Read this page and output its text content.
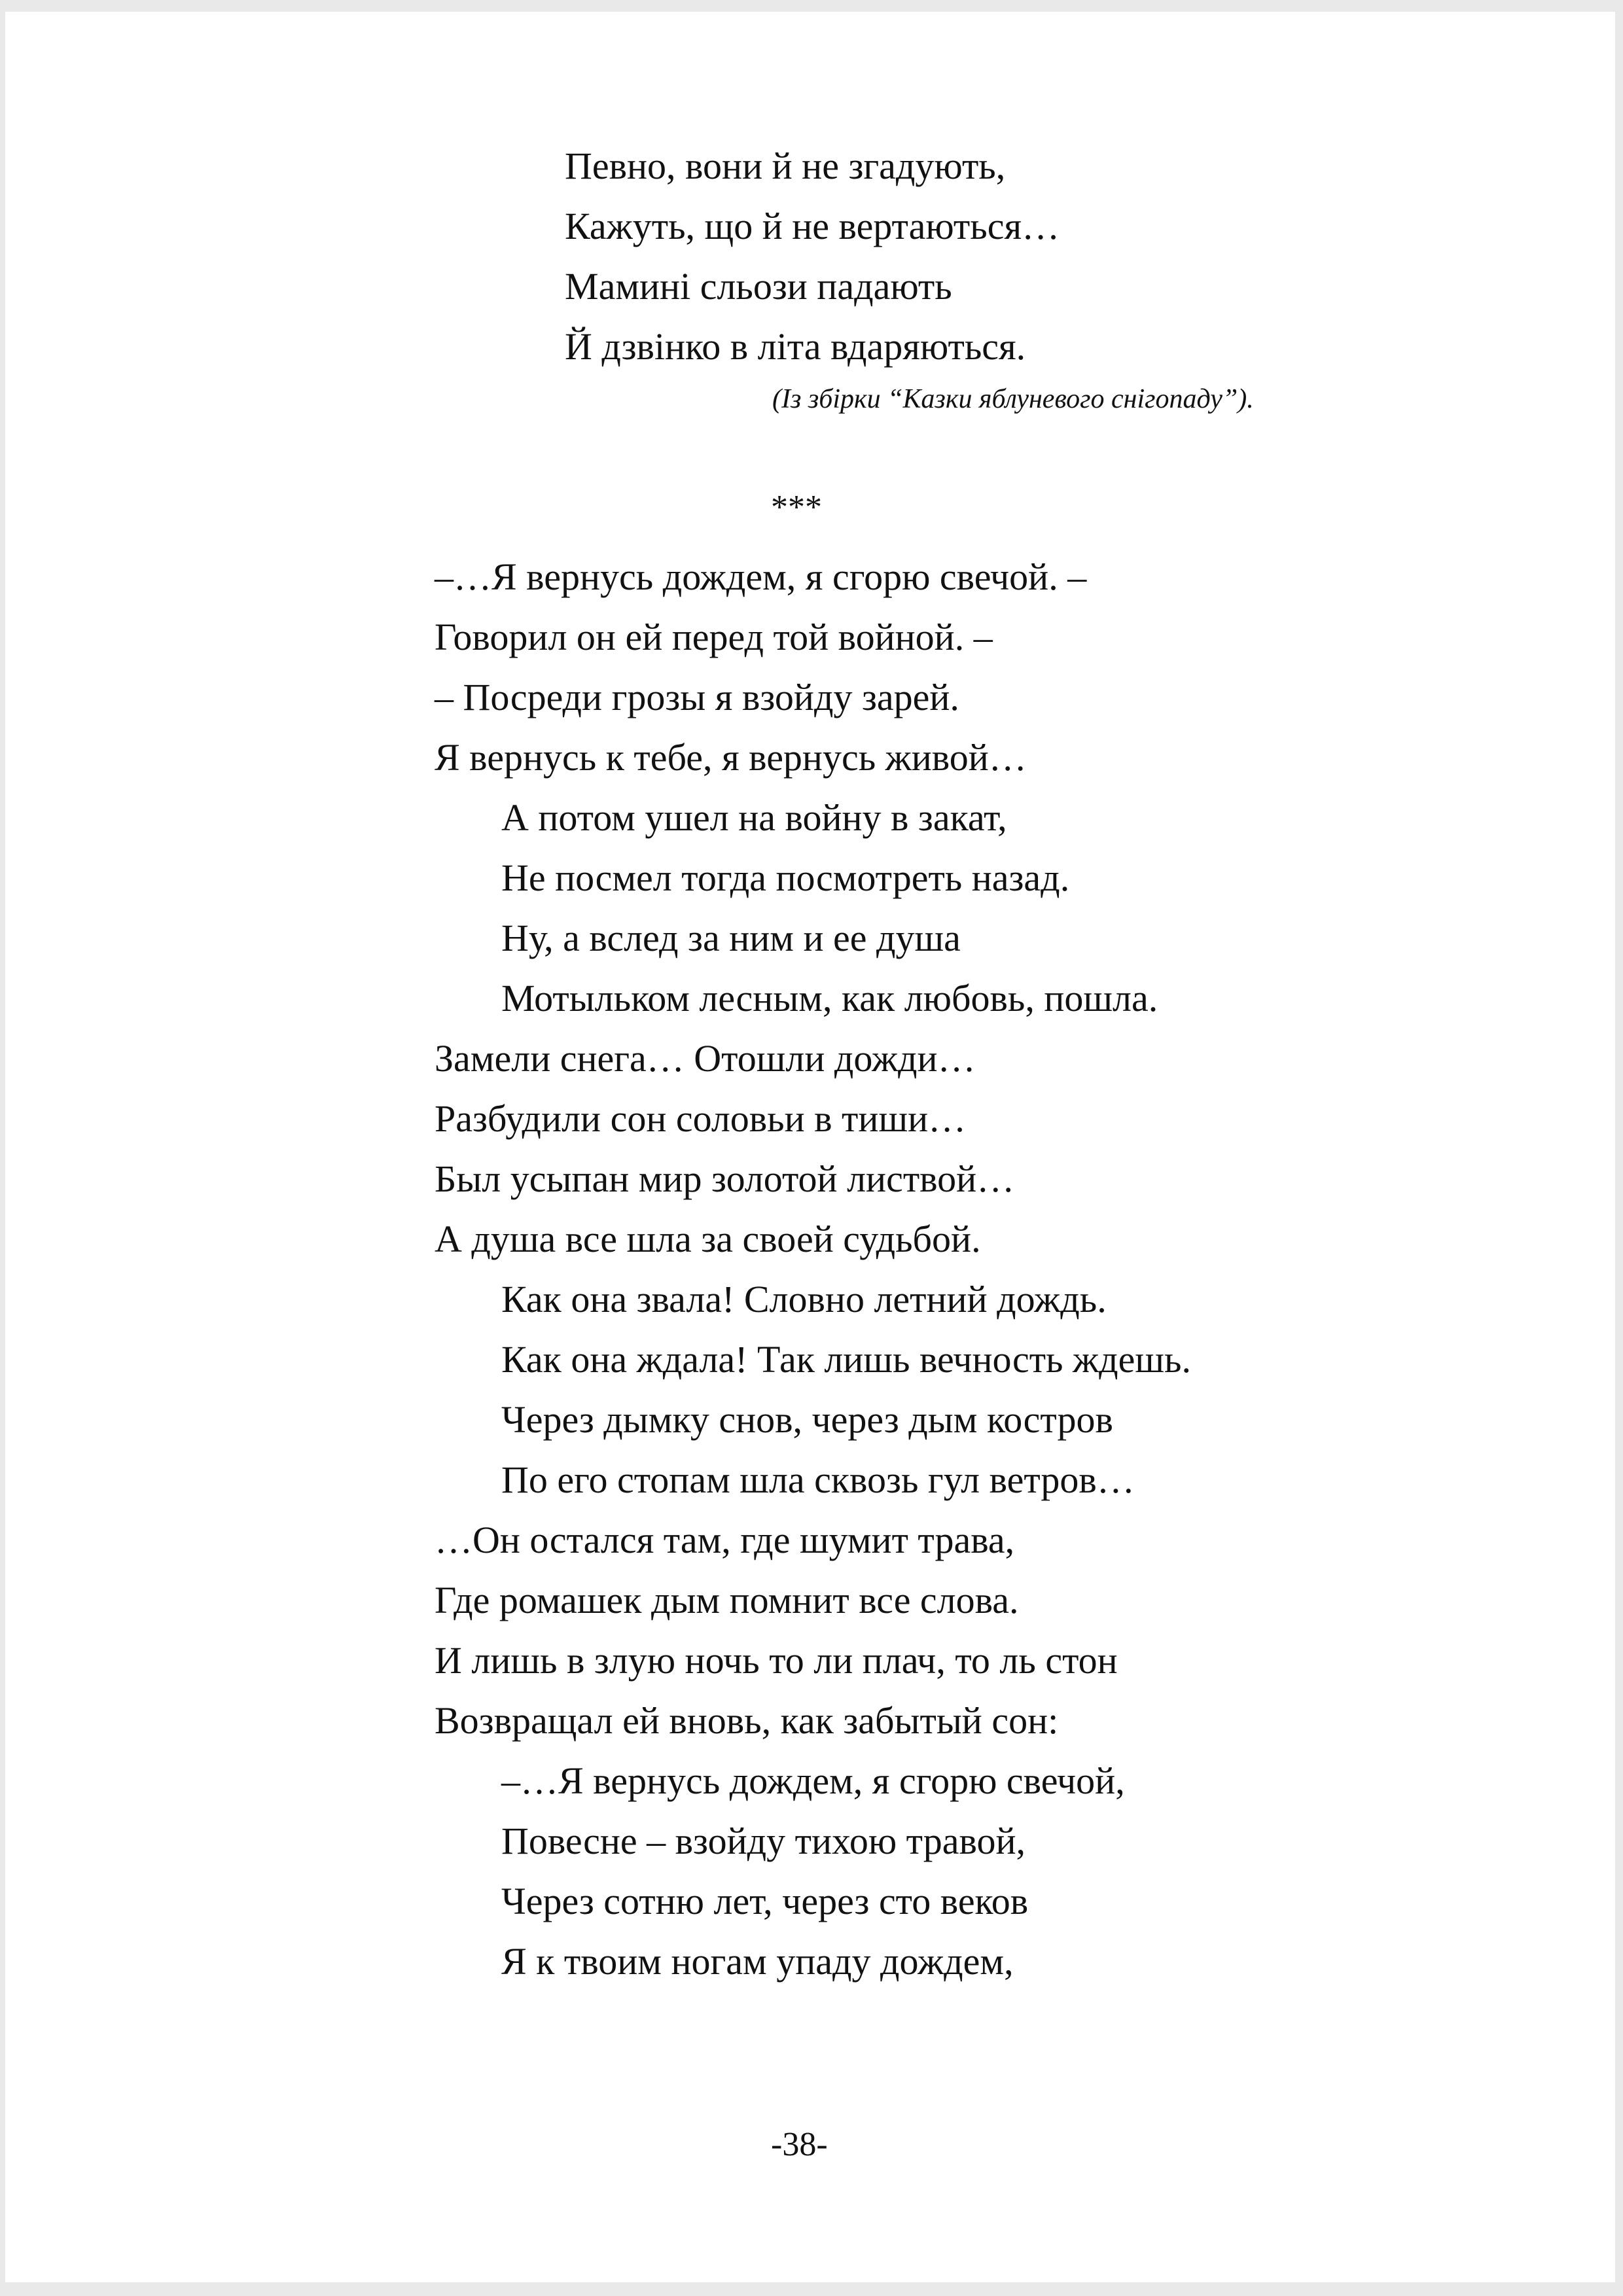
Певно, вони й не згадують,
Кажуть, що й не вертаються…
Мамині сльози падають
Й дзвінко в літа вдаряються.
(Із збірки “Казки яблуневого снігопаду”).
***
–…Я вернусь дождем, я сгорю свечой. –
Говорил он ей перед той войной. –
– Посреди грозы я взойду зарей.
Я вернусь к тебе, я вернусь живой…
А потом ушел на войну в закат,
Не посмел тогда посмотреть назад.
Ну, а вслед за ним и ее душа
Мотыльком лесным, как любовь, пошла.
Замели снега… Отошли дожди…
Разбудили сон соловьи в тиши…
Был усыпан мир золотой листвой…
А душа все шла за своей судьбой.
Как она звала! Словно летний дождь.
Как она ждала! Так лишь вечность ждешь.
Через дымку снов, через дым костров
По его стопам шла сквозь гул ветров…
…Он остался там, где шумит трава,
Где ромашек дым помнит все слова.
И лишь в злую ночь то ли плач, то ль стон
Возвращал ей вновь, как забытый сон:
–…Я вернусь дождем, я сгорю свечой,
Повесне – взойду тихою травой,
Через сотню лет, через сто веков
Я к твоим ногам упаду дождем,
-38-
